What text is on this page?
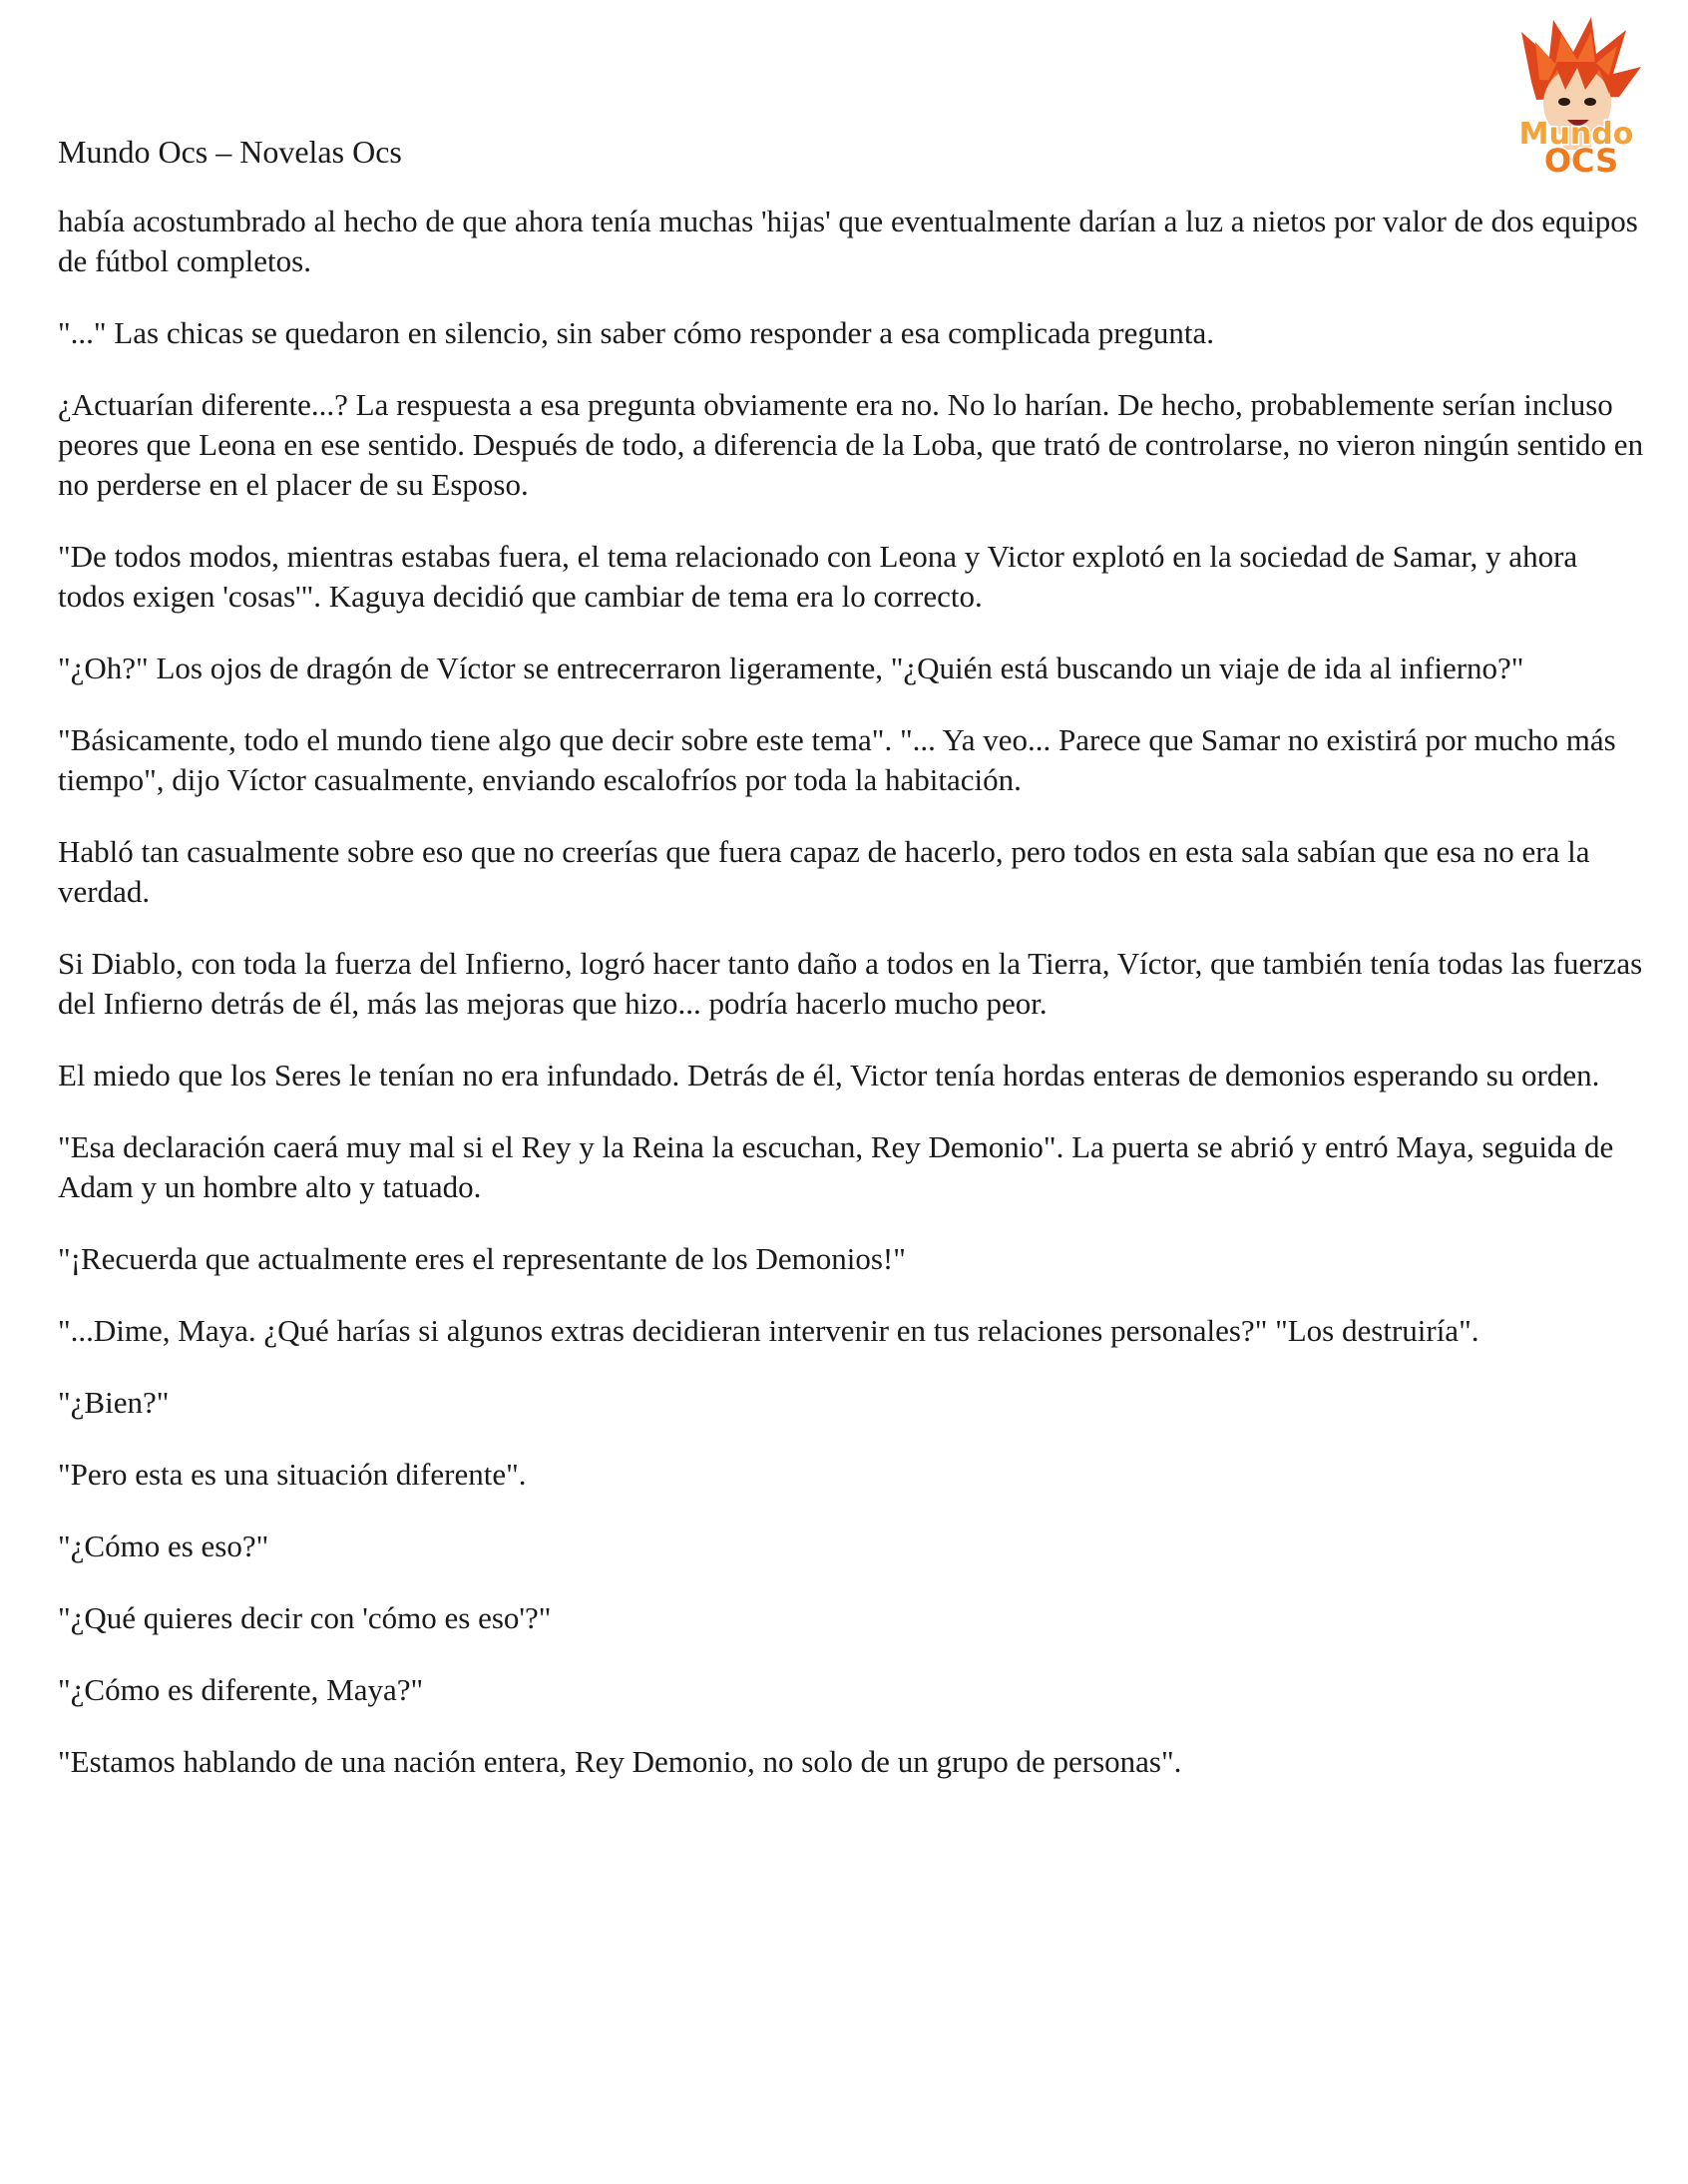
Mundo Ocs – Novelas Ocs	Mundo
OCS

había acostumbrado al hecho de que ahora tenía muchas 'hijas' que eventualmente darían a luz a nietos por valor de dos equipos de fútbol completos.

"..." Las chicas se quedaron en silencio, sin saber cómo responder a esa complicada pregunta.

¿Actuarían diferente...? La respuesta a esa pregunta obviamente era no. No lo harían. De hecho, probablemente serían incluso peores que Leona en ese sentido. Después de todo, a diferencia de la Loba, que trató de controlarse, no vieron ningún sentido en no perderse en el placer de su Esposo.

"De todos modos, mientras estabas fuera, el tema relacionado con Leona y Victor explotó en la sociedad de Samar, y ahora todos exigen 'cosas'". Kaguya decidió que cambiar de tema era lo correcto.

"¿Oh?" Los ojos de dragón de Víctor se entrecerraron ligeramente, "¿Quién está buscando un viaje de ida al infierno?"

"Básicamente, todo el mundo tiene algo que decir sobre este tema". "... Ya veo... Parece que Samar no existirá por mucho más tiempo", dijo Víctor casualmente, enviando escalofríos por toda la habitación.

Habló tan casualmente sobre eso que no creerías que fuera capaz de hacerlo, pero todos en esta sala sabían que esa no era la verdad.

Si Diablo, con toda la fuerza del Infierno, logró hacer tanto daño a todos en la Tierra, Víctor, que también tenía todas las fuerzas del Infierno detrás de él, más las mejoras que hizo... podría hacerlo mucho peor.

El miedo que los Seres le tenían no era infundado. Detrás de él, Victor tenía hordas enteras de demonios esperando su orden.

"Esa declaración caerá muy mal si el Rey y la Reina la escuchan, Rey Demonio". La puerta se abrió y entró Maya, seguida de Adam y un hombre alto y tatuado.

"¡Recuerda que actualmente eres el representante de los Demonios!"

"...Dime, Maya. ¿Qué harías si algunos extras decidieran intervenir en tus relaciones personales?" "Los destruiría".

"¿Bien?"

"Pero esta es una situación diferente".

"¿Cómo es eso?"

"¿Qué quieres decir con 'cómo es eso'?"

"¿Cómo es diferente, Maya?"

"Estamos hablando de una nación entera, Rey Demonio, no solo de un grupo de personas".
